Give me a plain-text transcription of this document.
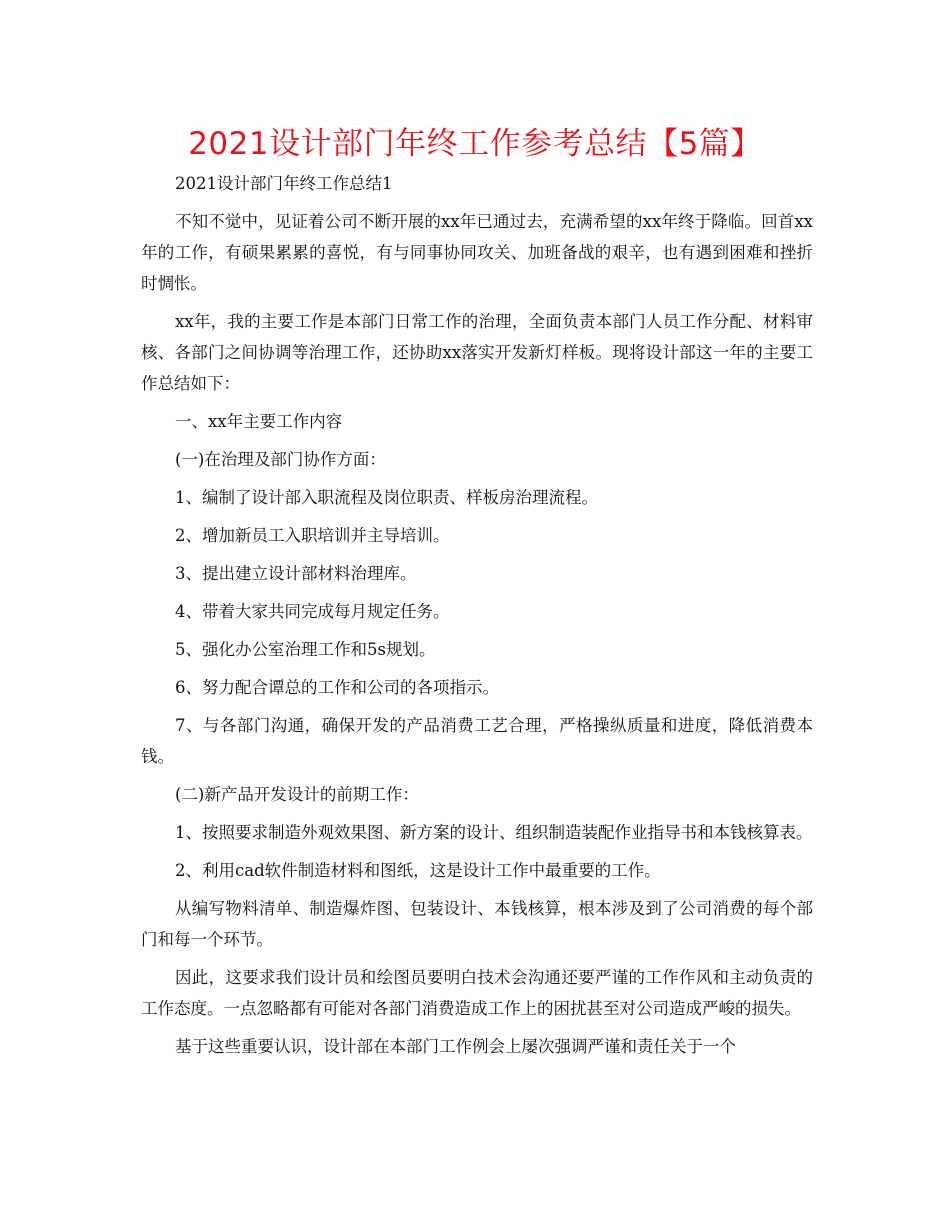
2021设计部门年终工作参考总结【5篇】

2021设计部门年终工作总结1

不知不觉中，见证着公司不断开展的xx年已通过去，充满希望的xx年终于降临。回首xx年的工作，有硕果累累的喜悦，有与同事协同攻关、加班备战的艰辛，也有遇到困难和挫折时惆怅。

xx年，我的主要工作是本部门日常工作的治理，全面负责本部门人员工作分配、材料审核、各部门之间协调等治理工作，还协助xx落实开发新灯样板。现将设计部这一年的主要工作总结如下：

一、xx年主要工作内容

(一)在治理及部门协作方面：

1、编制了设计部入职流程及岗位职责、样板房治理流程。

2、增加新员工入职培训并主导培训。

3、提出建立设计部材料治理库。

4、带着大家共同完成每月规定任务。

5、强化办公室治理工作和5s规划。

6、努力配合谭总的工作和公司的各项指示。

7、与各部门沟通，确保开发的产品消费工艺合理，严格操纵质量和进度，降低消费本钱。

(二)新产品开发设计的前期工作：

1、按照要求制造外观效果图、新方案的设计、组织制造装配作业指导书和本钱核算表。

2、利用cad软件制造材料和图纸，这是设计工作中最重要的工作。

从编写物料清单、制造爆炸图、包装设计、本钱核算，根本涉及到了公司消费的每个部门和每一个环节。

因此，这要求我们设计员和绘图员要明白技术会沟通还要严谨的工作作风和主动负责的工作态度。一点忽略都有可能对各部门消费造成工作上的困扰甚至对公司造成严峻的损失。

基于这些重要认识，设计部在本部门工作例会上屡次强调严谨和责任关于一个
